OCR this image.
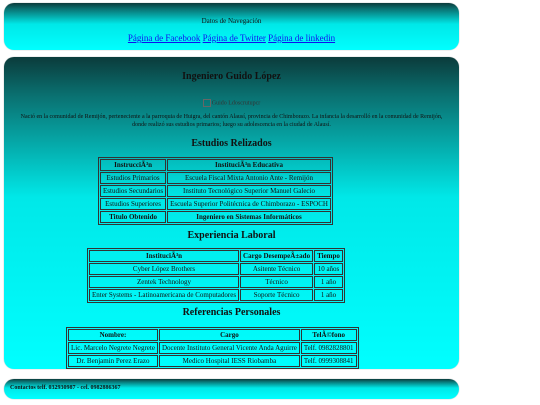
Datos de Navegación
Página de Facebook Página de Twitter Página de linkedin
Ingeniero Guido López
Guido Ldoscrutupcr
Nació en la comunidad de Remijón, perteneciente a la parroquia de Huigra, del cantón Alausí, provincia de Chimborazo. La infancia la desarrolló en la comunidad de Remijón, donde realizó sus estudios primarios; luego su adolescencia en la ciudad de Alausí.
Estudios Relizados
InstrucciÃ³n	InstituciÃ³n Educativa
Estudios Primarios	Escuela Fiscal Mixta Antonio Ante - Remijón
Estudios Secundarios	Instituto Tecnológico Superior Manuel Galecio
Estudios Superiores	Escuela Superior Politécnica de Chimborazo - ESPOCH
Titulo Obtenido	Ingeniero en Sistemas Informáticos
Experiencia Laboral
InstituciÃ³n	Cargo DesempeÃ±ado	Tiempo
Cyber López Brothers	Asitente Técnico	10 años
Zentek Technology	Técnico	1 año
Enter Systems - Latinoamericana de Computadores	Soporte Técnico	1 año
Referencias Personales
Nombre:	Cargo	TelÃ©fono
Lic. Marcelo Negrete Negrete	Docente Instituto General Vicente Anda Aguirre	Telf. 0982828801
Dr. Benjamin Perez Erazo	Medico Hospital IESS Riobamba	Telf. 0999308841
Contactos telf. 032930987 - cel. 0982886367
